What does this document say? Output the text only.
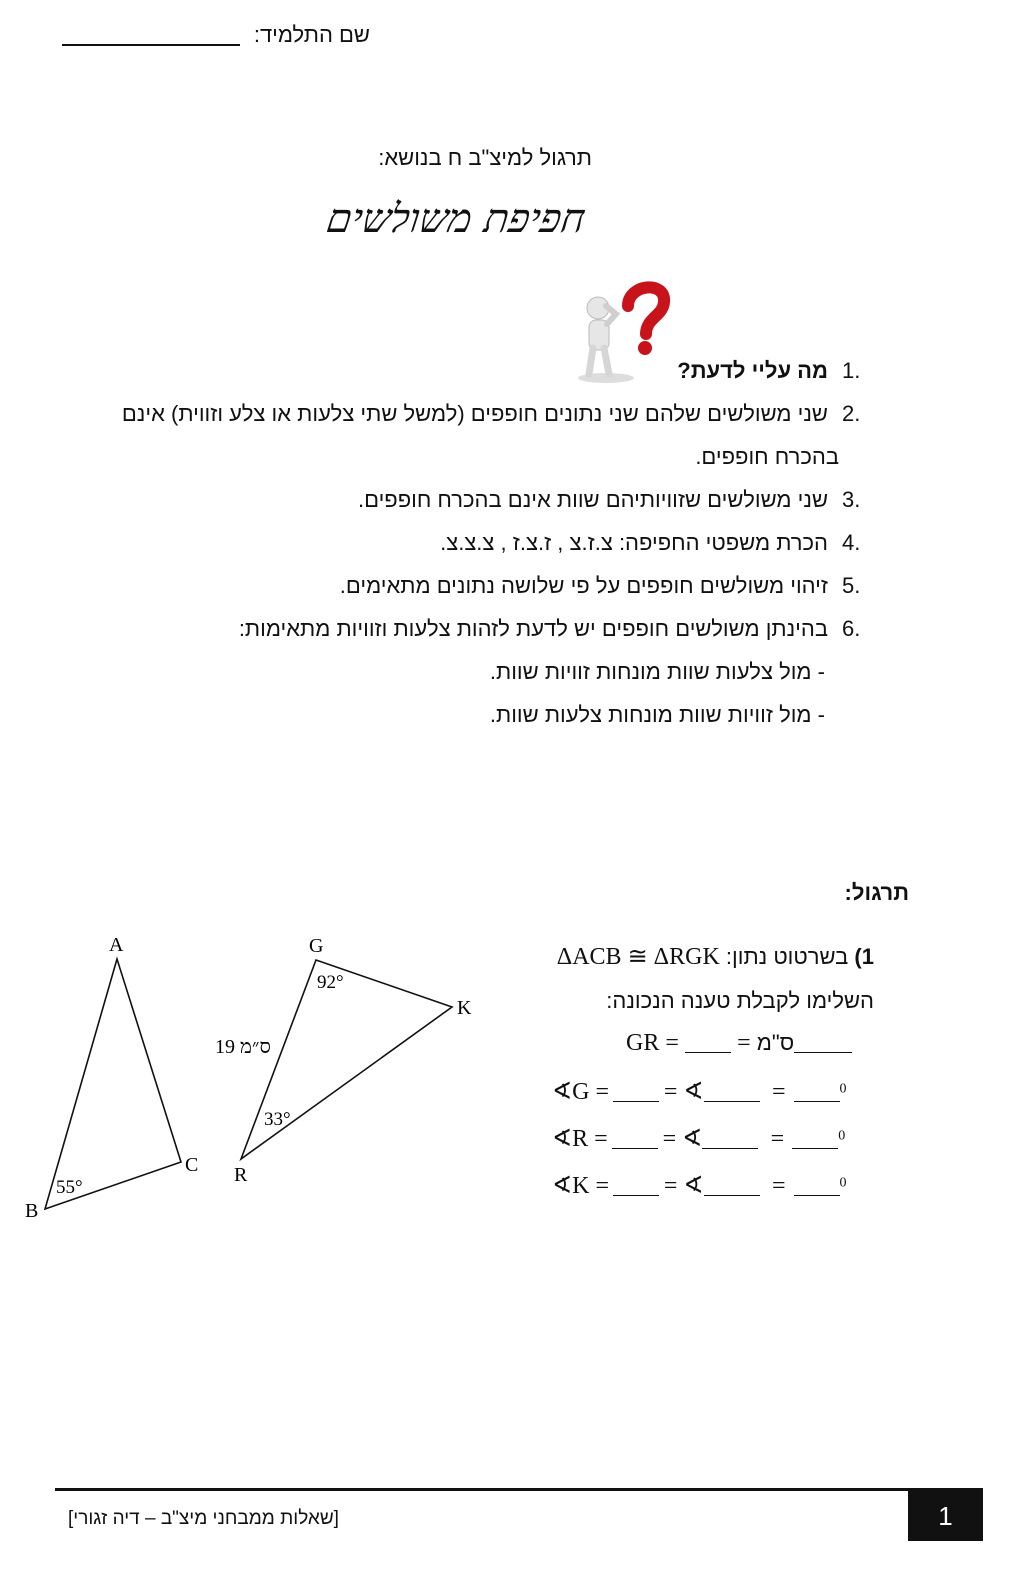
שם התלמיד:
תרגול למיצ"ב ח בנושא:
חפיפת משולשים
.1מה עליי לדעת?
.2שני משולשים שלהם שני נתונים חופפים (למשל שתי צלעות או צלע וזווית) אינם
בהכרח חופפים.
.3שני משולשים שזוויותיהם שוות אינם בהכרח חופפים.
.4הכרת משפטי החפיפה: צ.ז.צ , ז.צ.ז , צ.צ.צ.
.5זיהוי משולשים חופפים על פי שלושה נתונים מתאימים.
.6בהינתן משולשים חופפים יש לדעת לזהות צלעות וזוויות מתאימות:
- מול צלעות שוות מונחות זוויות שוות.
- מול זוויות שוות מונחות צלעות שוות.
תרגול:
1) בשרטוט נתון: ΔACB ≅ ΔRGK
השלימו לקבלת טענה הנכונה:
GR = = ס"מ
∢G = = ∢	=	$^0$
∢R = = ∢	=	$^0$
∢K = = ∢	=	$^0$
A
B
C
55°
G
K
R
92°
33°
19 ס״מ
[שאלות ממבחני מיצ"ב – דיה זגורי]	1
